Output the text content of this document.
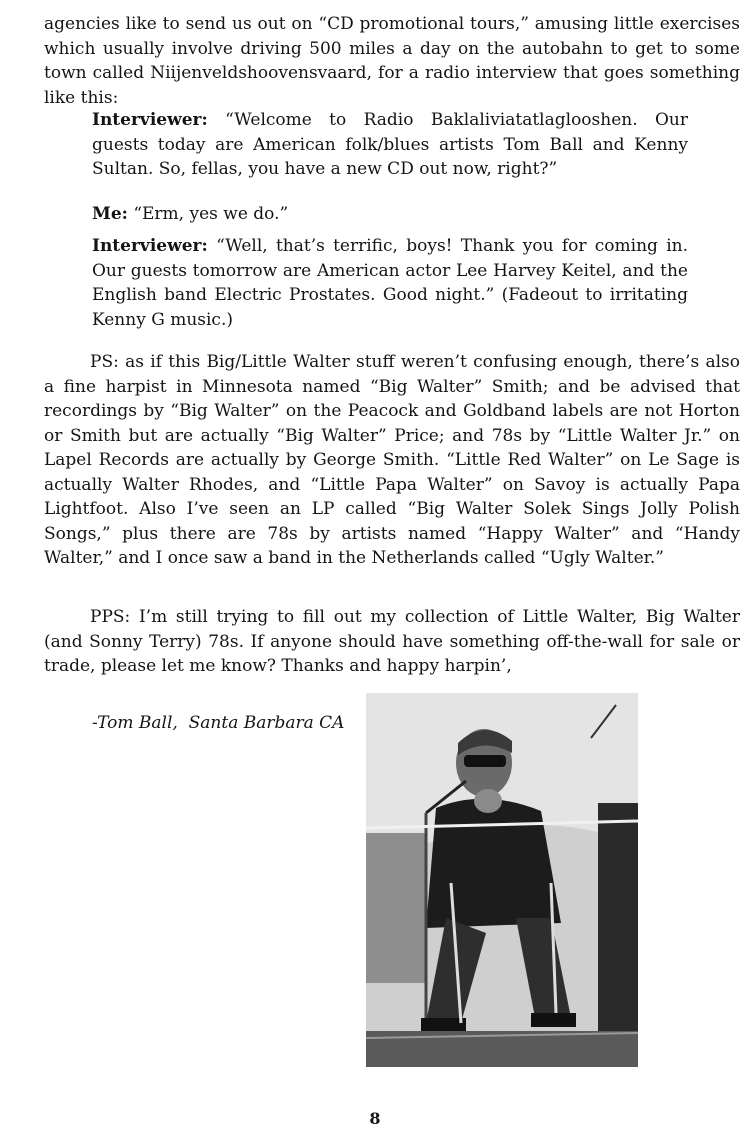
agencies like to send us out on “CD promotional tours,” amusing little exercises which usually involve driving 500 miles a day on the autobahn to get to some town called Niijenveldshoovensvaard, for a radio interview that goes something like this:

Interviewer: “Welcome to Radio Baklaliviatatlaglooshen. Our guests today are American folk/blues artists Tom Ball and Kenny Sultan. So, fellas, you have a new CD out now, right?”

Me: “Erm, yes we do.”

Interviewer: “Well, that’s terrific, boys! Thank you for coming in. Our guests tomorrow are American actor Lee Harvey Keitel, and the English band Electric Prostates. Good night.” (Fadeout to irritating Kenny G music.)

PS: as if this Big/Little Walter stuff weren’t confusing enough, there’s also a fine harpist in Minnesota named “Big Walter” Smith; and be advised that recordings by “Big Walter” on the Peacock and Goldband labels are not Horton or Smith but are actually “Big Walter” Price; and 78s by “Little Walter Jr.” on Lapel Records are actually by George Smith. “Little Red Walter” on Le Sage is actually Walter Rhodes, and “Little Papa Walter” on Savoy is actually Papa Lightfoot. Also I’ve seen an LP called “Big Walter Solek Sings Jolly Polish Songs,” plus there are 78s by artists named “Happy Walter” and “Handy Walter,” and I once saw a band in the Netherlands called “Ugly Walter.”

PPS: I’m still trying to fill out my collection of Little Walter, Big Walter (and Sonny Terry) 78s. If anyone should have something off-the-wall for sale or trade, please let me know? Thanks and happy harpin’,

-Tom Ball,  Santa Barbara CA
8
